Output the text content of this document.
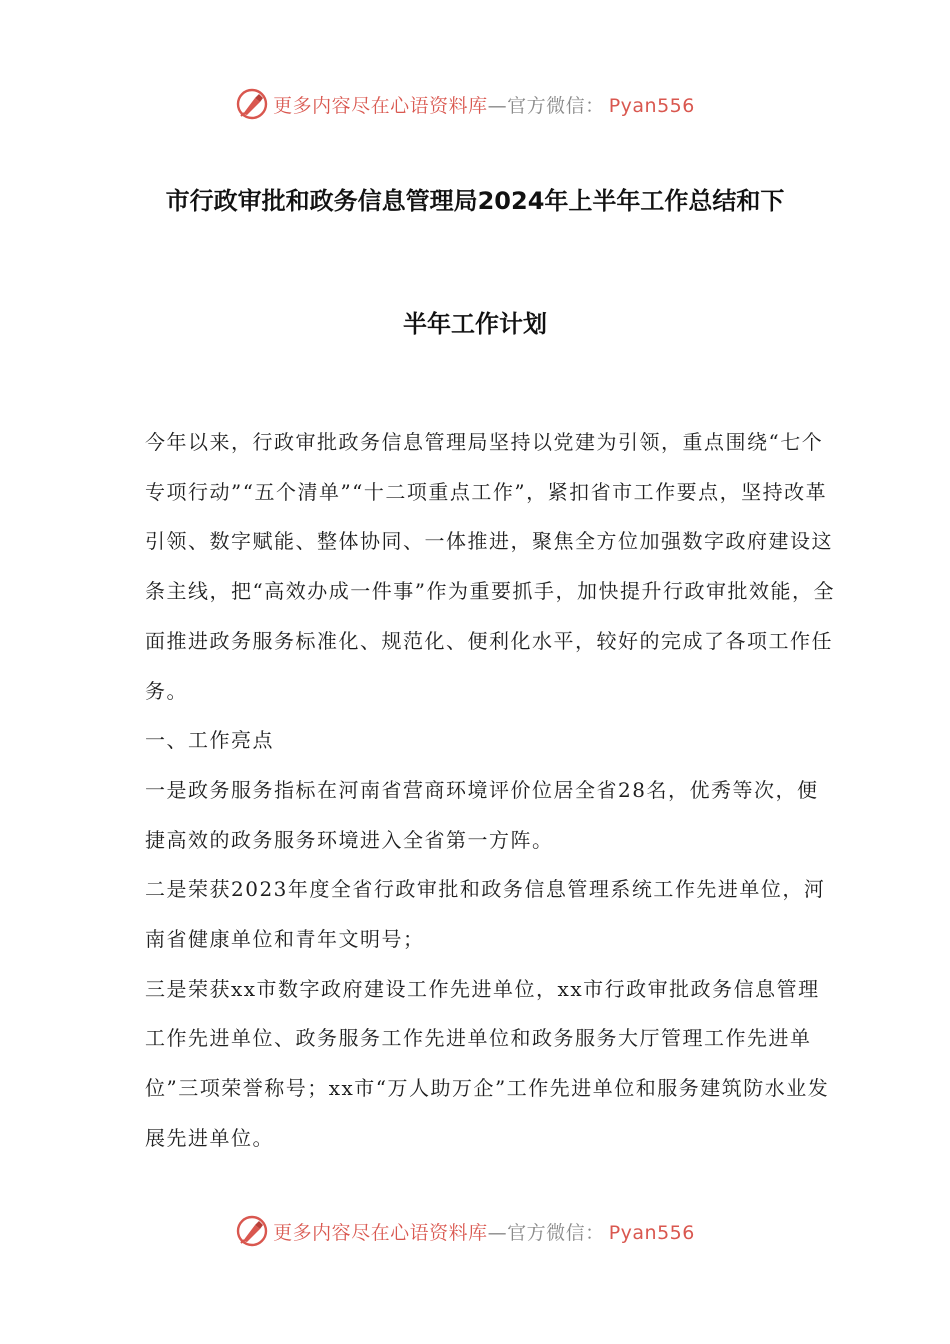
更多内容尽在心语资料库—官方微信： Pyan556
市行政审批和政务信息管理局2024年上半年工作总结和下
半年工作计划

今年以来，行政审批政务信息管理局坚持以党建为引领，重点围绕“七个专项行动”“五个清单”“十二项重点工作”，紧扣省市工作要点，坚持改革引领、数字赋能、整体协同、一体推进，聚焦全方位加强数字政府建设这条主线，把“高效办成一件事”作为重要抓手，加快提升行政审批效能，全面推进政务服务标准化、规范化、便利化水平，较好的完成了各项工作任务。

一、工作亮点

一是政务服务指标在河南省营商环境评价位居全省28名，优秀等次，便捷高效的政务服务环境进入全省第一方阵。

二是荣获2023年度全省行政审批和政务信息管理系统工作先进单位，河南省健康单位和青年文明号；

三是荣获xx市数字政府建设工作先进单位，xx市行政审批政务信息管理工作先进单位、政务服务工作先进单位和政务服务大厅管理工作先进单位”三项荣誉称号；xx市“万人助万企”工作先进单位和服务建筑防水业发展先进单位。

更多内容尽在心语资料库—官方微信： Pyan556
